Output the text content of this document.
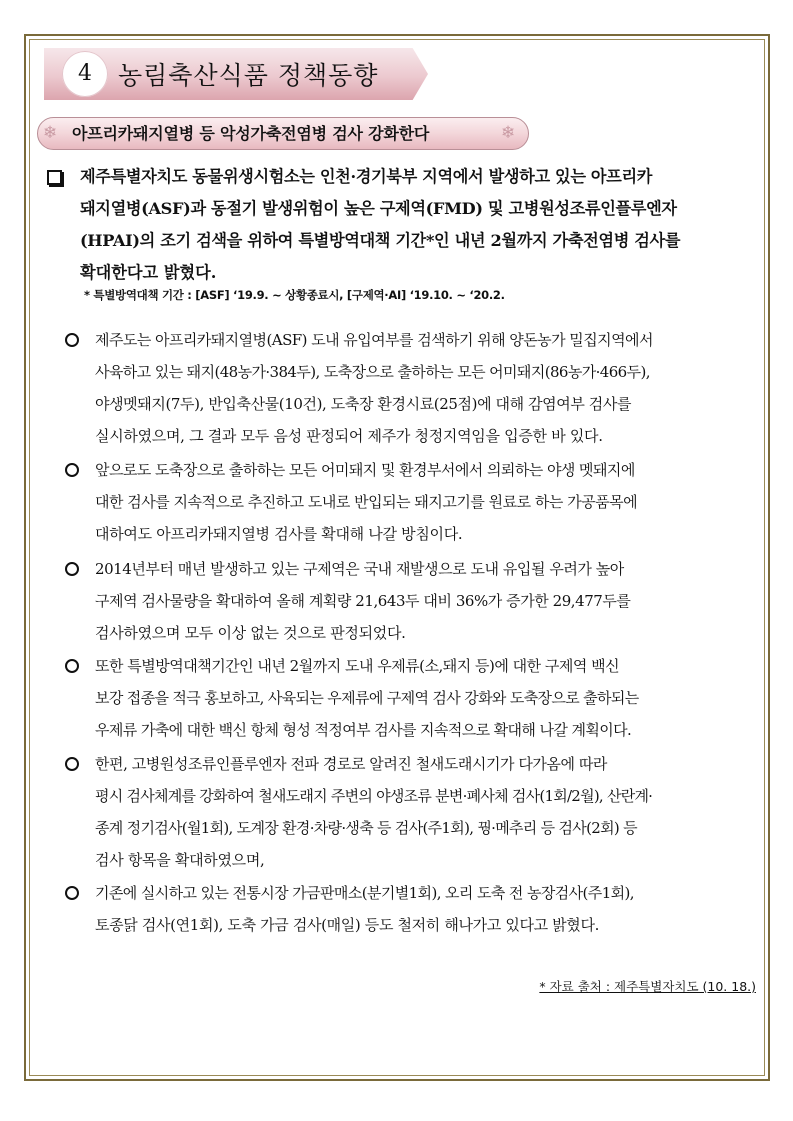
4	농림축산식품 정책동향
❄	❄
아프리카돼지열병 등 악성가축전염병 검사 강화한다
제주특별자치도 동물위생시험소는 인천·경기북부 지역에서 발생하고 있는 아프리카
돼지열병(ASF)과 동절기 발생위험이 높은 구제역(FMD) 및 고병원성조류인플루엔자
(HPAI)의 조기 검색을 위하여 특별방역대책 기간*인 내년 2월까지 가축전염병 검사를
확대한다고 밝혔다.
* 특별방역대책 기간 : [ASF] ‘19.9. ~ 상황종료시, [구제역·AI] ‘19.10. ~ ‘20.2.
제주도는 아프리카돼지열병(ASF) 도내 유입여부를 검색하기 위해 양돈농가 밀집지역에서
사육하고 있는 돼지(48농가·384두), 도축장으로 출하하는 모든 어미돼지(86농가·466두),
야생멧돼지(7두), 반입축산물(10건), 도축장 환경시료(25점)에 대해 감염여부 검사를
실시하였으며, 그 결과 모두 음성 판정되어 제주가 청정지역임을 입증한 바 있다.
앞으로도 도축장으로 출하하는 모든 어미돼지 및 환경부서에서 의뢰하는 야생 멧돼지에
대한 검사를 지속적으로 추진하고 도내로 반입되는 돼지고기를 원료로 하는 가공품목에
대하여도 아프리카돼지열병 검사를 확대해 나갈 방침이다.
2014년부터 매년 발생하고 있는 구제역은 국내 재발생으로 도내 유입될 우려가 높아
구제역 검사물량을 확대하여 올해 계획량 21,643두 대비 36%가 증가한 29,477두를
검사하였으며 모두 이상 없는 것으로 판정되었다.
또한 특별방역대책기간인 내년 2월까지 도내 우제류(소,돼지 등)에 대한 구제역 백신
보강 접종을 적극 홍보하고, 사육되는 우제류에 구제역 검사 강화와 도축장으로 출하되는
우제류 가축에 대한 백신 항체 형성 적정여부 검사를 지속적으로 확대해 나갈 계획이다.
한편, 고병원성조류인플루엔자 전파 경로로 알려진 철새도래시기가 다가옴에 따라
평시 검사체계를 강화하여 철새도래지 주변의 야생조류 분변·폐사체 검사(1회/2월), 산란계·
종계 정기검사(월1회), 도계장 환경·차량·생축 등 검사(주1회), 꿩·메추리 등 검사(2회) 등
검사 항목을 확대하였으며,
기존에 실시하고 있는 전통시장 가금판매소(분기별1회), 오리 도축 전 농장검사(주1회),
토종닭 검사(연1회), 도축 가금 검사(매일) 등도 철저히 해나가고 있다고 밝혔다.
* 자료 출처 : 제주특별자치도 (10. 18.)
